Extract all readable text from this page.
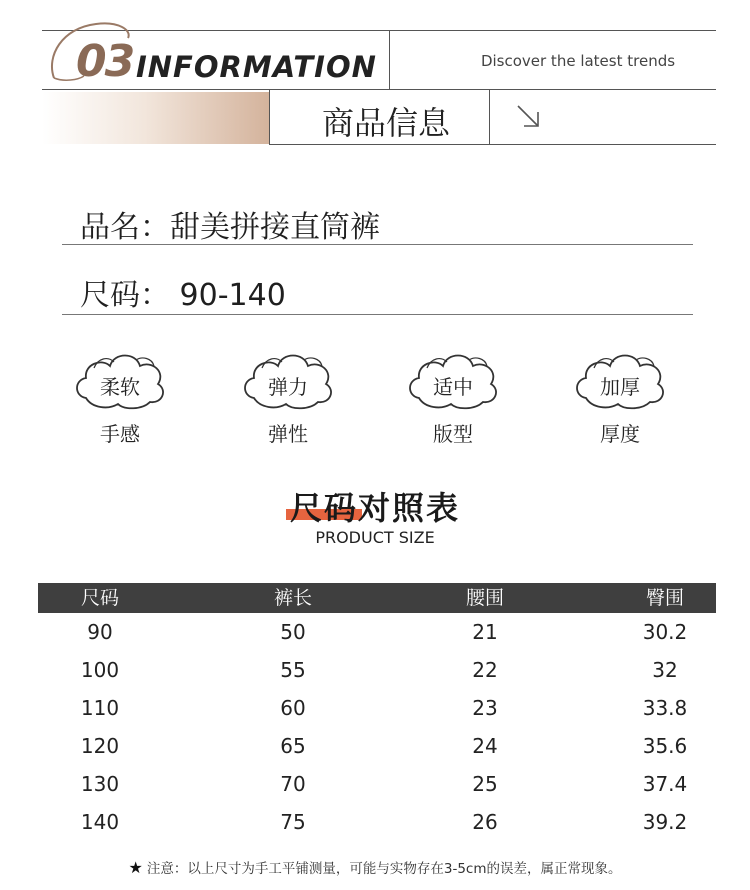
03 INFORMATION	Discover the latest trends
商品信息
品名：甜美拼接直筒裤
尺码： 90-140
柔软
手感
弹力
弹性
适中
版型
加厚
厚度
尺码对照表
PRODUCT SIZE
尺码	裤长	腰围	臀围
90	50	21	30.2
100	55	22	32
110	60	23	33.8
120	65	24	35.6
130	70	25	37.4
140	75	26	39.2
★ 注意：以上尺寸为手工平铺测量，可能与实物存在3-5cm的误差，属正常现象。
